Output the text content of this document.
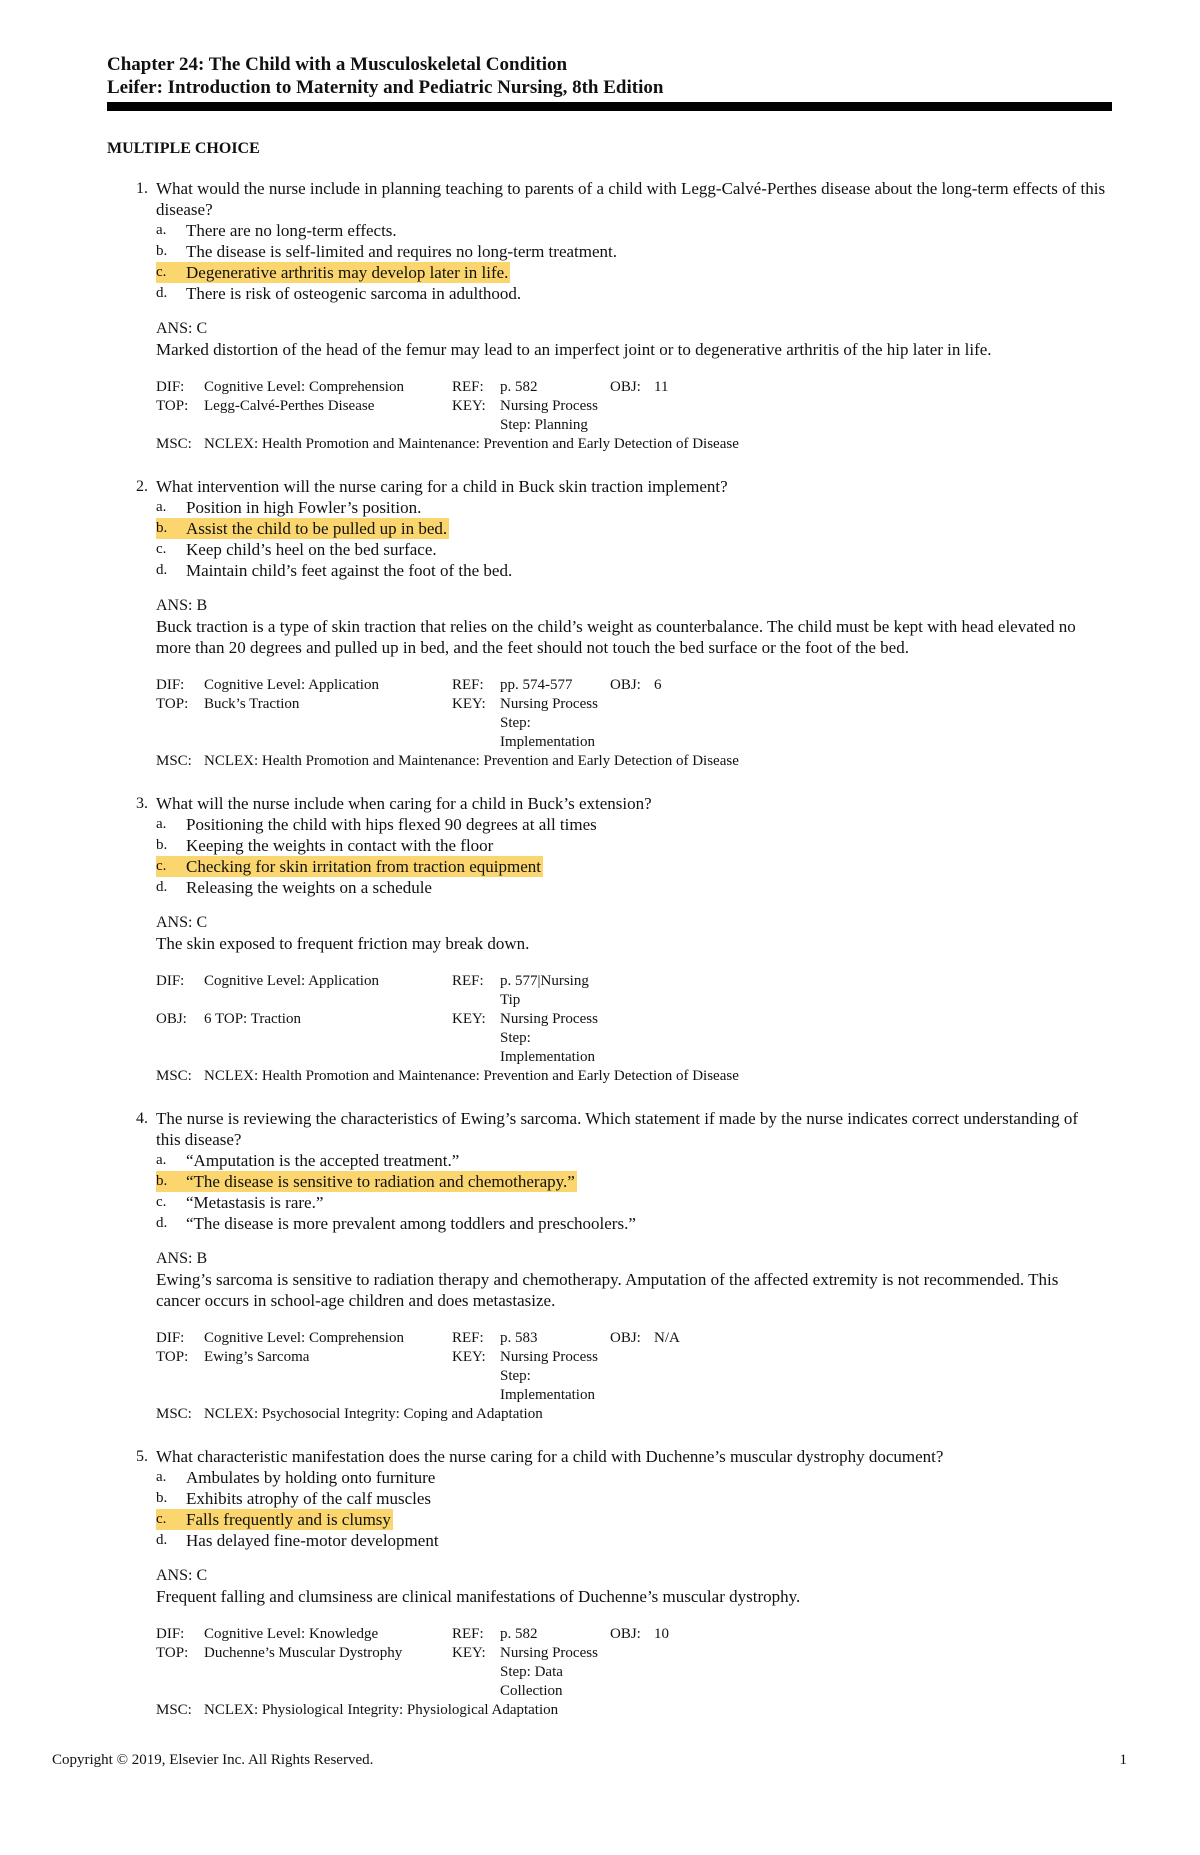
Chapter 24: The Child with a Musculoskeletal Condition
Leifer: Introduction to Maternity and Pediatric Nursing, 8th Edition
MULTIPLE CHOICE
1. What would the nurse include in planning teaching to parents of a child with Legg-Calvé-Perthes disease about the long-term effects of this disease?
a.	There are no long-term effects.
b.	The disease is self-limited and requires no long-term treatment.
c.	Degenerative arthritis may develop later in life.
d.	There is risk of osteogenic sarcoma in adulthood.
ANS: C
Marked distortion of the head of the femur may lead to an imperfect joint or to degenerative arthritis of the hip later in life.
DIF:	Cognitive Level: Comprehension	REF:	p. 582	OBJ: 11
TOP:	Legg-Calvé-Perthes Disease	KEY: Nursing Process Step: Planning
MSC: NCLEX: Health Promotion and Maintenance: Prevention and Early Detection of Disease
2. What intervention will the nurse caring for a child in Buck skin traction implement?
a.	Position in high Fowler’s position.
b.	Assist the child to be pulled up in bed.
c.	Keep child’s heel on the bed surface.
d.	Maintain child’s feet against the foot of the bed.
ANS: B
Buck traction is a type of skin traction that relies on the child’s weight as counterbalance. The child must be kept with head elevated no more than 20 degrees and pulled up in bed, and the feet should not touch the bed surface or the foot of the bed.
DIF:	Cognitive Level: Application	REF:	pp. 574-577	OBJ: 6
TOP:	Buck’s Traction	KEY: Nursing Process Step: Implementation
MSC: NCLEX: Health Promotion and Maintenance: Prevention and Early Detection of Disease
3. What will the nurse include when caring for a child in Buck’s extension?
a.	Positioning the child with hips flexed 90 degrees at all times
b.	Keeping the weights in contact with the floor
c.	Checking for skin irritation from traction equipment
d.	Releasing the weights on a schedule
ANS: C
The skin exposed to frequent friction may break down.
DIF:	Cognitive Level: Application	REF:	p. 577|Nursing Tip
OBJ:	6 TOP: Traction	KEY: Nursing Process Step: Implementation
MSC: NCLEX: Health Promotion and Maintenance: Prevention and Early Detection of Disease
4. The nurse is reviewing the characteristics of Ewing’s sarcoma. Which statement if made by the nurse indicates correct understanding of this disease?
a.	“Amputation is the accepted treatment.”
b.	“The disease is sensitive to radiation and chemotherapy.”
c.	“Metastasis is rare.”
d.	“The disease is more prevalent among toddlers and preschoolers.”
ANS: B
Ewing’s sarcoma is sensitive to radiation therapy and chemotherapy. Amputation of the affected extremity is not recommended. This cancer occurs in school-age children and does metastasize.
DIF:	Cognitive Level: Comprehension	REF:	p. 583	OBJ: N/A
TOP:	Ewing’s Sarcoma	KEY: Nursing Process Step: Implementation
MSC: NCLEX: Psychosocial Integrity: Coping and Adaptation
5. What characteristic manifestation does the nurse caring for a child with Duchenne’s muscular dystrophy document?
a.	Ambulates by holding onto furniture
b.	Exhibits atrophy of the calf muscles
c.	Falls frequently and is clumsy
d.	Has delayed fine-motor development
ANS: C
Frequent falling and clumsiness are clinical manifestations of Duchenne’s muscular dystrophy.
DIF:	Cognitive Level: Knowledge	REF:	p. 582	OBJ: 10
TOP:	Duchenne’s Muscular Dystrophy	KEY: Nursing Process Step: Data Collection
MSC: NCLEX: Physiological Integrity: Physiological Adaptation
Copyright © 2019, Elsevier Inc. All Rights Reserved.	1
